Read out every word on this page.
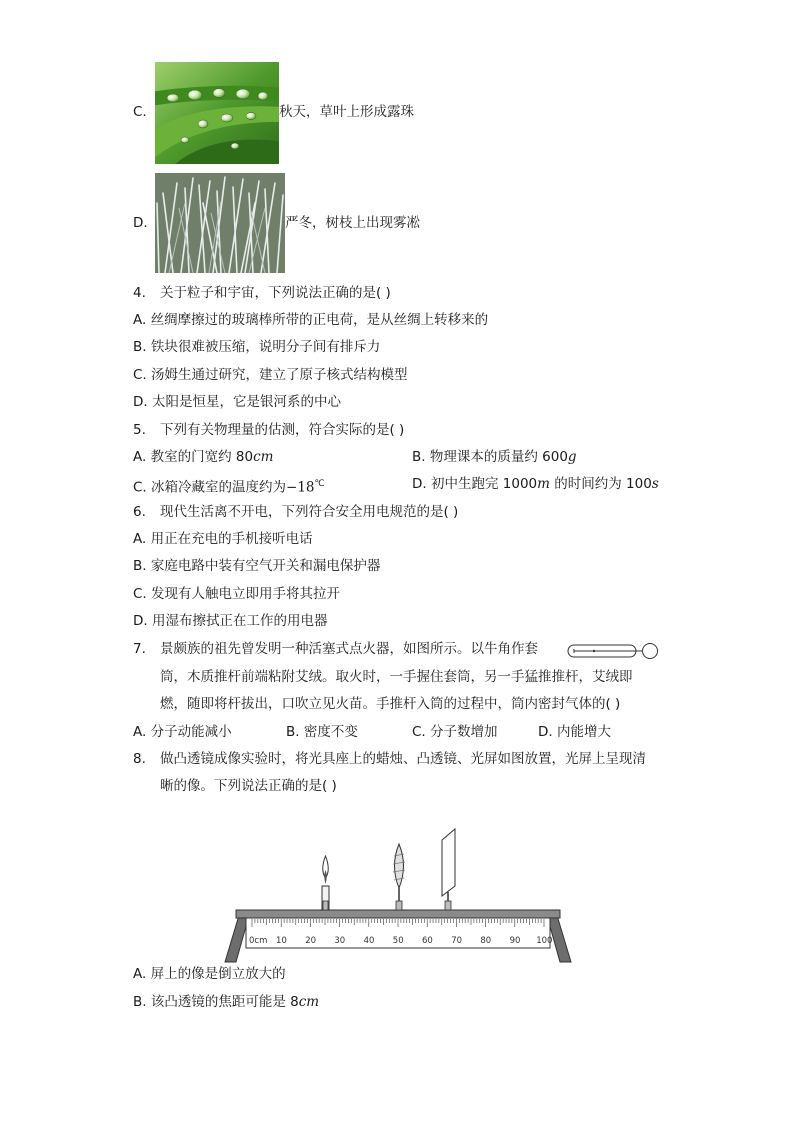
C.	秋天，草叶上形成露珠
D.	严冬，树枝上出现雾凇
4. 关于粒子和宇宙，下列说法正确的是( )
A. 丝绸摩擦过的玻璃棒所带的正电荷，是从丝绸上转移来的
B. 铁块很难被压缩，说明分子间有排斥力
C. 汤姆生通过研究，建立了原子核式结构模型
D. 太阳是恒星，它是银河系的中心
5. 下列有关物理量的估测，符合实际的是( )
A. 教室的门宽约 80cm	B. 物理课本的质量约 600g
C. 冰箱冷藏室的温度约为−18℃	D. 初中生跑完 1000m 的时间约为 100s
6. 现代生活离不开电，下列符合安全用电规范的是( )
A. 用正在充电的手机接听电话
B. 家庭电路中装有空气开关和漏电保护器
C. 发现有人触电立即用手将其拉开
D. 用湿布擦拭正在工作的用电器
7. 景颇族的祖先曾发明一种活塞式点火器，如图所示。以牛角作套
筒，木质推杆前端粘附艾绒。取火时，一手握住套筒，另一手猛推推杆，艾绒即
燃，随即将杆拔出，口吹立见火苗。手推杆入筒的过程中，筒内密封气体的( )
A. 分子动能减小	B. 密度不变	C. 分子数增加	D. 内能增大
8. 做凸透镜成像实验时，将光具座上的蜡烛、凸透镜、光屏如图放置，光屏上呈现清
晰的像。下列说法正确的是( )
0cm 10 20 30 40 50 60 70 80 90 100
A. 屏上的像是倒立放大的
B. 该凸透镜的焦距可能是 8cm
